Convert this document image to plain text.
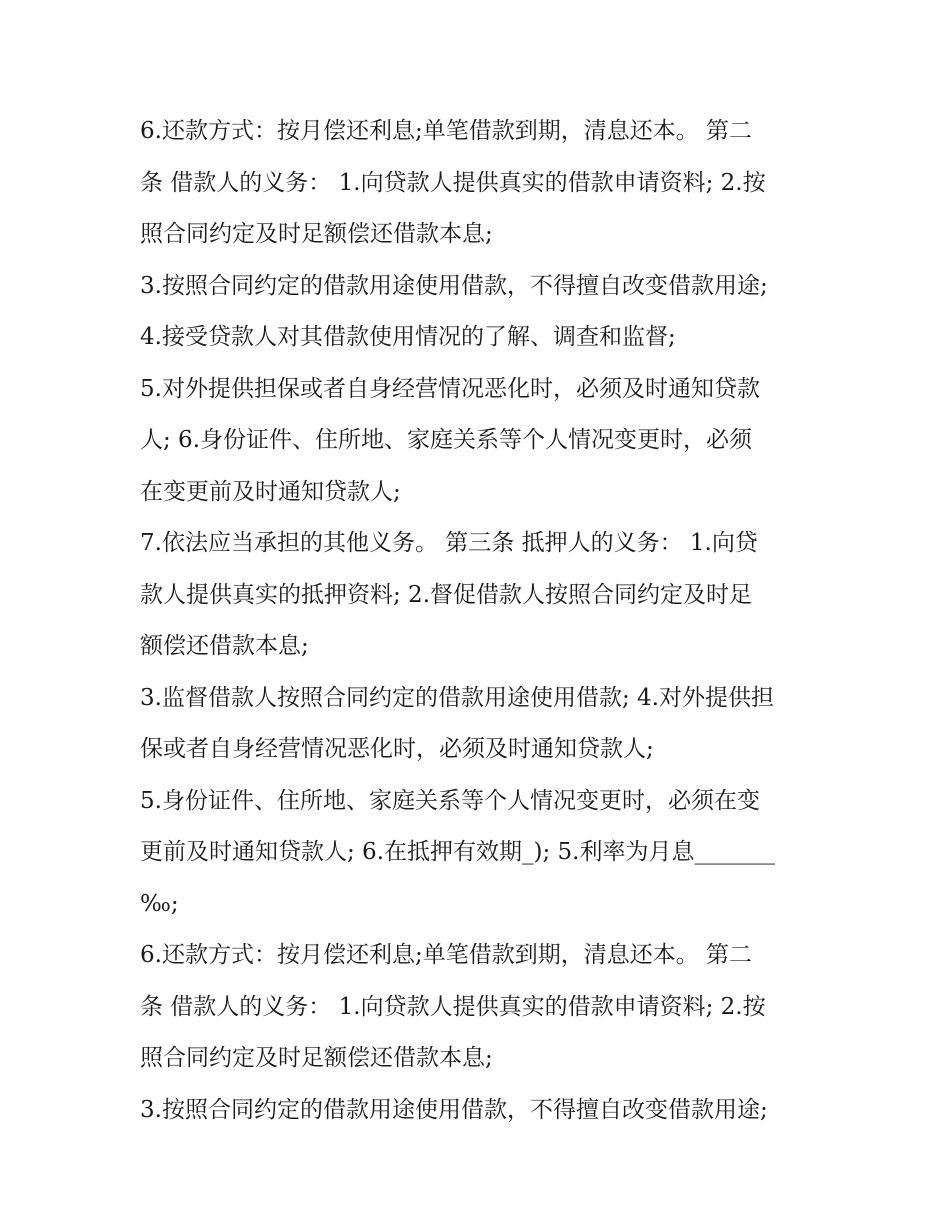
6.还款方式：按月偿还利息;单笔借款到期，清息还本。 第二
条 借款人的义务： 1.向贷款人提供真实的借款申请资料; 2.按
照合同约定及时足额偿还借款本息;
3.按照合同约定的借款用途使用借款，不得擅自改变借款用途;
4.接受贷款人对其借款使用情况的了解、调查和监督;
5.对外提供担保或者自身经营情况恶化时，必须及时通知贷款
人; 6.身份证件、住所地、家庭关系等个人情况变更时，必须
在变更前及时通知贷款人;
7.依法应当承担的其他义务。 第三条 抵押人的义务： 1.向贷
款人提供真实的抵押资料; 2.督促借款人按照合同约定及时足
额偿还借款本息;
3.监督借款人按照合同约定的借款用途使用借款; 4.对外提供担
保或者自身经营情况恶化时，必须及时通知贷款人;
5.身份证件、住所地、家庭关系等个人情况变更时，必须在变
更前及时通知贷款人; 6.在抵押有效期_); 5.利率为月息_______
‰;
6.还款方式：按月偿还利息;单笔借款到期，清息还本。 第二
条 借款人的义务： 1.向贷款人提供真实的借款申请资料; 2.按
照合同约定及时足额偿还借款本息;
3.按照合同约定的借款用途使用借款，不得擅自改变借款用途;
